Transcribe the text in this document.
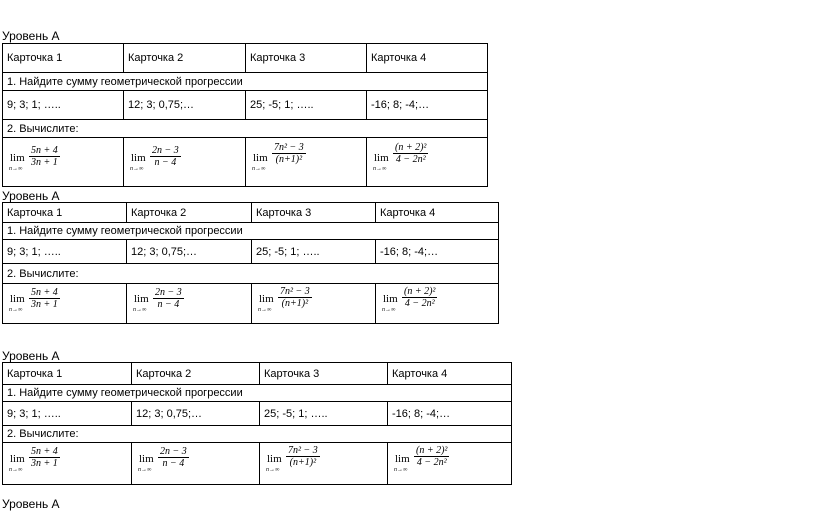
Уровень А
Карточка 1	Карточка 2	Карточка 3	Карточка 4
1. Найдите сумму геометрической прогрессии			
9; 3; 1; …..	12; 3; 0,75;…	25; -5; 1; …..	-16; 8; -4;…
2. Вычислите:			

lim
n→∞
$\frac{5n + 4}{3n + 1}$	lim
n→∞
$\frac{2n - 3}{n - 4}$	lim
n→∞
$\frac{\text{7n² − 3}}{\text{(n+1)²}}$	lim
n→∞
$\frac{\text{(n + 2)²}}{\text{4 − 2n²}}$
Уровень А
Карточка 1	Карточка 2	Карточка 3	Карточка 4
1. Найдите сумму геометрической прогрессии			
9; 3; 1; …..	12; 3; 0,75;…	25; -5; 1; …..	-16; 8; -4;…
2. Вычислите:			

lim
$n\to\infty \frac{5n + 4}{3n + 1}$	lim
$n\to\infty \frac{2n - 3}{n - 4}$	lim
n→∞
$\frac{\text{7n² − 3}}{\text{(n+1)²}}$	lim
n→∞
$\frac{\text{(n + 2)²}}{\text{4 − 2n²}}$
Уровень А
Карточка 1	Карточка 2	Карточка 3	Карточка 4
1. Найдите сумму геометрической прогрессии			
9; 3; 1; …..	12; 3; 0,75;…	25; -5; 1; …..	-16; 8; -4;…
2. Вычислите:			

lim
n→∞
$\frac{5n + 4}{3n + 1}$	lim
n→∞
$\frac{2n - 3}{n - 4}$	lim
n→∞
$\frac{\text{7n² − 3}}{\text{(n+1)²}}$	lim
n→∞
$\frac{\text{(n + 2)²}}{\text{4 − 2n²}}$
Уровень А
